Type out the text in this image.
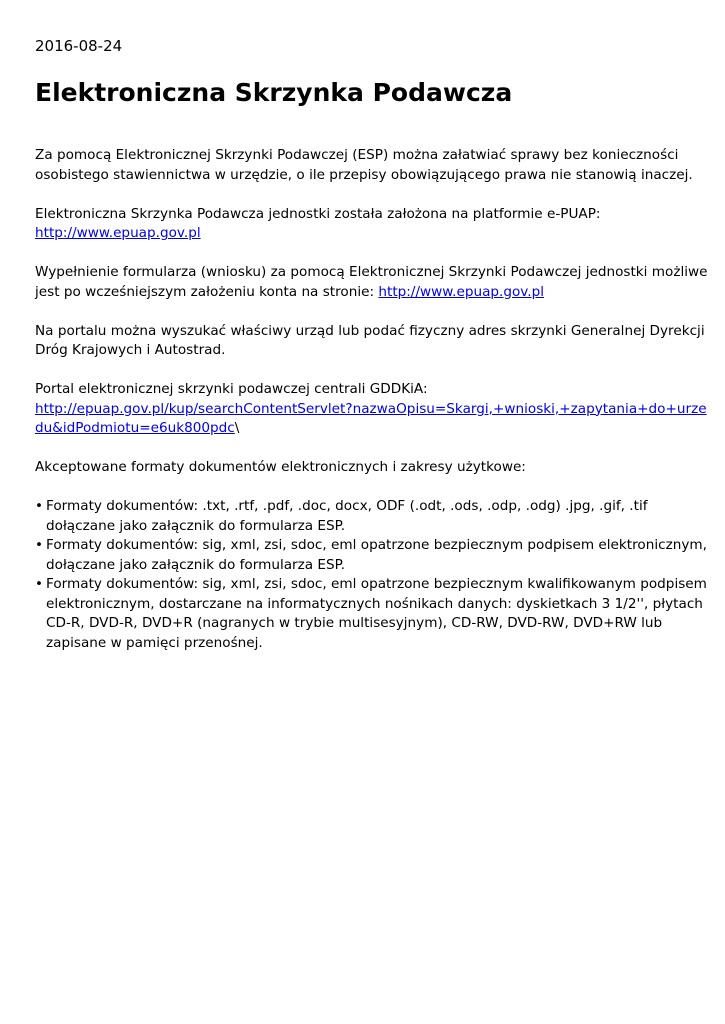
2016-08-24
Elektroniczna Skrzynka Podawcza

Za pomocą Elektronicznej Skrzynki Podawczej (ESP) można załatwiać sprawy bez konieczności
osobistego stawiennictwa w urzędzie, o ile przepisy obowiązującego prawa nie stanowią inaczej.

Elektroniczna Skrzynka Podawcza jednostki została założona na platformie e-PUAP:
http://www.epuap.gov.pl

Wypełnienie formularza (wniosku) za pomocą Elektronicznej Skrzynki Podawczej jednostki możliwe
jest po wcześniejszym założeniu konta na stronie: http://www.epuap.gov.pl

Na portalu można wyszukać właściwy urząd lub podać fizyczny adres skrzynki Generalnej Dyrekcji
Dróg Krajowych i Autostrad.

Portal elektronicznej skrzynki podawczej centrali GDDKiA:
http://epuap.gov.pl/kup/searchContentServlet?nazwaOpisu=Skargi,+wnioski,+zapytania+do+urze
du&idPodmiotu=e6uk800pdc\

Akceptowane formaty dokumentów elektronicznych i zakresy użytkowe:

• Formaty dokumentów: .txt, .rtf, .pdf, .doc, docx, ODF (.odt, .ods, .odp, .odg) .jpg, .gif, .tif
dołączane jako załącznik do formularza ESP.
• Formaty dokumentów: sig, xml, zsi, sdoc, eml opatrzone bezpiecznym podpisem elektronicznym,
dołączane jako załącznik do formularza ESP.
• Formaty dokumentów: sig, xml, zsi, sdoc, eml opatrzone bezpiecznym kwalifikowanym podpisem
elektronicznym, dostarczane na informatycznych nośnikach danych: dyskietkach 3 1/2'', płytach
CD-R, DVD-R, DVD+R (nagranych w trybie multisesyjnym), CD-RW, DVD-RW, DVD+RW lub
zapisane w pamięci przenośnej.
